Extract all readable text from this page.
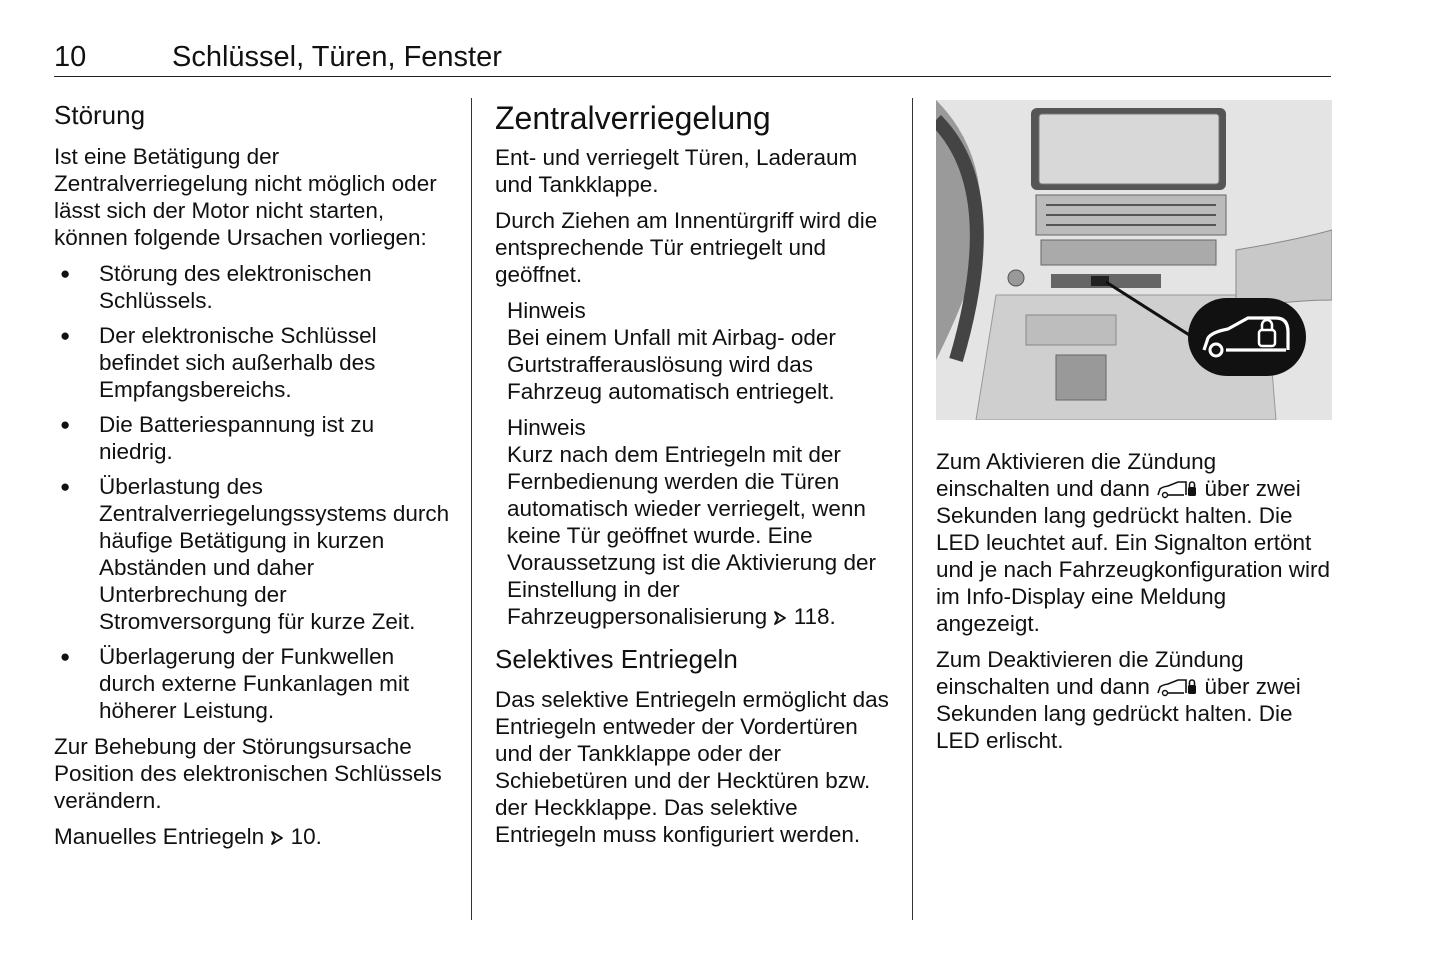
10	Schlüssel, Türen, Fenster
Störung

Ist eine Betätigung der Zentralverriegelung nicht möglich oder lässt sich der Motor nicht starten, können folgende Ursachen vorliegen:

● Störung des elektronischen Schlüssels.
● Der elektronische Schlüssel befindet sich außerhalb des Empfangsbereichs.
● Die Batteriespannung ist zu niedrig.
● Überlastung des Zentralverriegelungssystems durch häufige Betätigung in kurzen Abständen und daher Unterbrechung der Stromversorgung für kurze Zeit.
● Überlagerung der Funkwellen durch externe Funkanlagen mit höherer Leistung.

Zur Behebung der Störungsursache Position des elektronischen Schlüssels verändern.

Manuelles Entriegeln 10.

Zentralverriegelung

Ent- und verriegelt Türen, Laderaum und Tankklappe.

Durch Ziehen am Innentürgriff wird die entsprechende Tür entriegelt und geöffnet.

Hinweis
Bei einem Unfall mit Airbag- oder Gurtstrafferauslösung wird das Fahrzeug automatisch entriegelt.
Hinweis
Kurz nach dem Entriegeln mit der Fernbedienung werden die Türen automatisch wieder verriegelt, wenn keine Tür geöffnet wurde. Eine Voraussetzung ist die Aktivierung der Einstellung in der Fahrzeugpersonalisierung 118.
Selektives Entriegeln

Das selektive Entriegeln ermöglicht das Entriegeln entweder der Vordertüren und der Tankklappe oder der Schiebetüren und der Hecktüren bzw. der Heckklappe. Das selektive Entriegeln muss konfiguriert werden.

Zum Aktivieren die Zündung einschalten und dann über zwei Sekunden lang gedrückt halten. Die LED leuchtet auf. Ein Signalton ertönt und je nach Fahrzeugkonfiguration wird im Info-Display eine Meldung angezeigt.

Zum Deaktivieren die Zündung einschalten und dann über zwei Sekunden lang gedrückt halten. Die LED erlischt.
